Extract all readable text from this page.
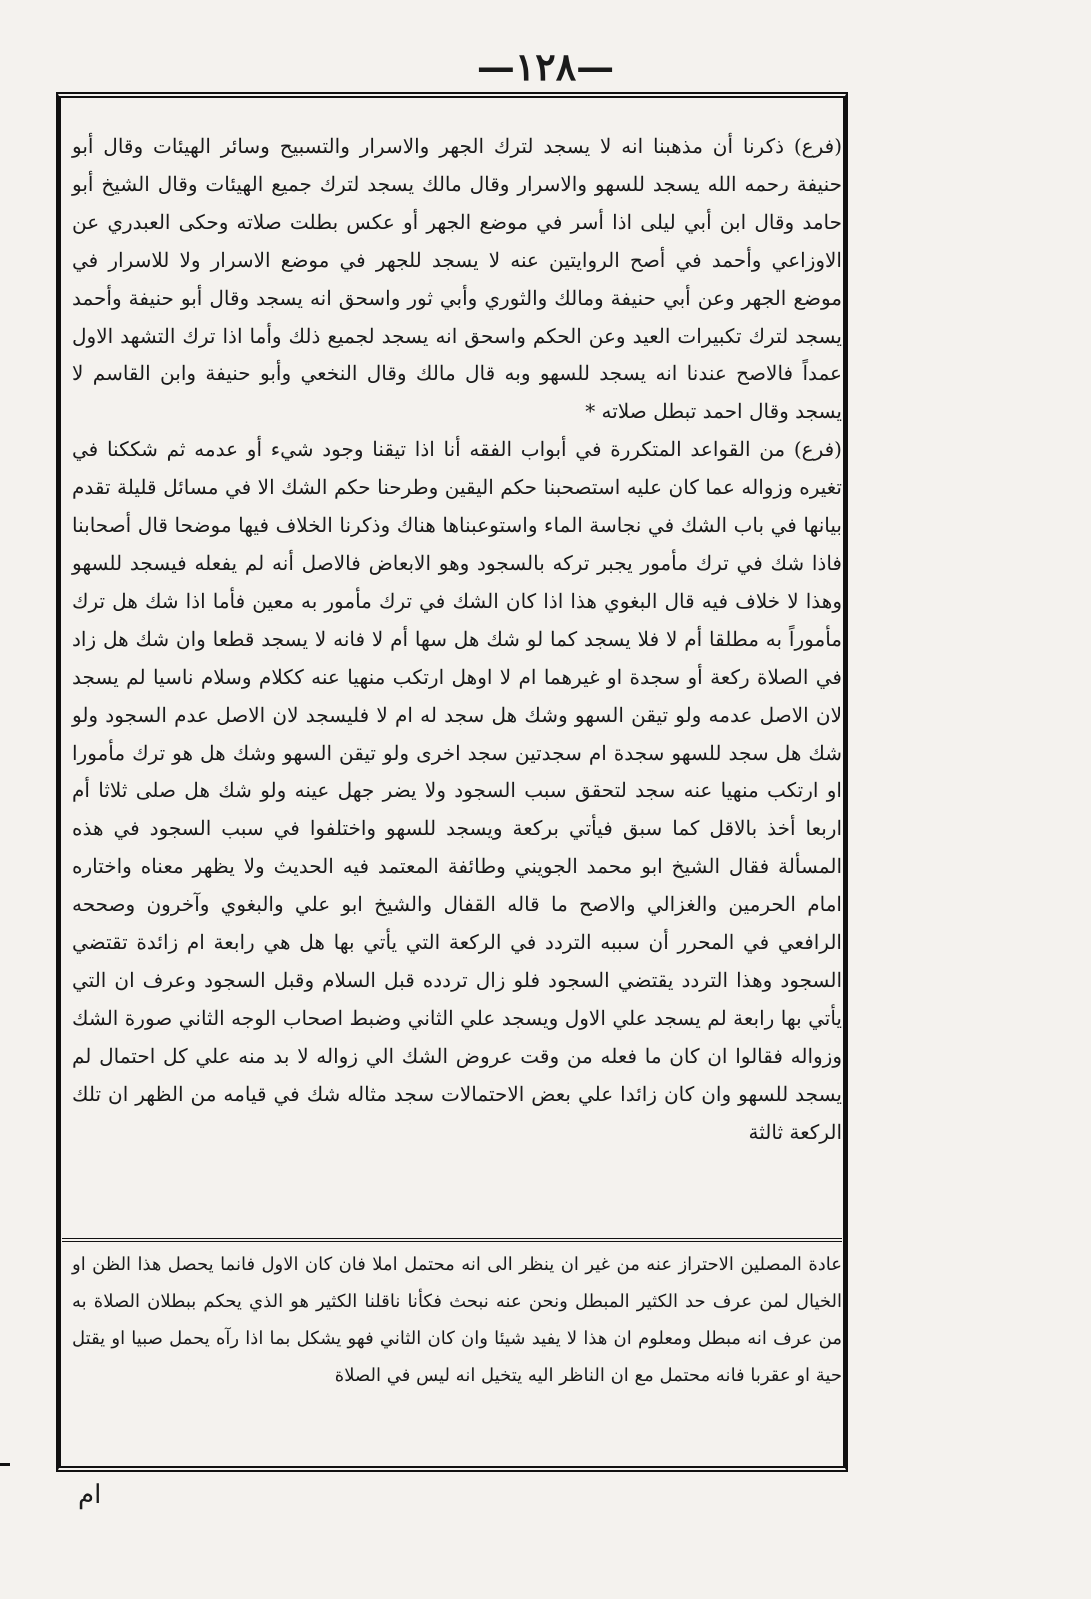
—١٢٨—

(فرع) ذكرنا أن مذهبنا انه لا يسجد لترك الجهر والاسرار والتسبيح وسائر الهيئات وقال أبو حنيفة رحمه الله يسجد للسهو والاسرار وقال مالك يسجد لترك جميع الهيئات وقال الشيخ أبو حامد وقال ابن أبي ليلى اذا أسر في موضع الجهر أو عكس بطلت صلاته وحكى العبدري عن الاوزاعي وأحمد في أصح الروايتين عنه لا يسجد للجهر في موضع الاسرار ولا للاسرار في موضع الجهر وعن أبي حنيفة ومالك والثوري وأبي ثور واسحق انه يسجد وقال أبو حنيفة وأحمد يسجد لترك تكبيرات العيد وعن الحكم واسحق انه يسجد لجميع ذلك وأما اذا ترك التشهد الاول عمداً فالاصح عندنا انه يسجد للسهو وبه قال مالك وقال النخعي وأبو حنيفة وابن القاسم لا يسجد وقال احمد تبطل صلاته *

(فرع) من القواعد المتكررة في أبواب الفقه أنا اذا تيقنا وجود شيء أو عدمه ثم شككنا في تغيره وزواله عما كان عليه استصحبنا حكم اليقين وطرحنا حكم الشك الا في مسائل قليلة تقدم بيانها في باب الشك في نجاسة الماء واستوعبناها هناك وذكرنا الخلاف فيها موضحا قال أصحابنا فاذا شك في ترك مأمور يجبر تركه بالسجود وهو الابعاض فالاصل أنه لم يفعله فيسجد للسهو وهذا لا خلاف فيه قال البغوي هذا اذا كان الشك في ترك مأمور به معين فأما اذا شك هل ترك مأموراً به مطلقا أم لا فلا يسجد كما لو شك هل سها أم لا فانه لا يسجد قطعا وان شك هل زاد في الصلاة ركعة أو سجدة او غيرهما ام لا اوهل ارتكب منهيا عنه ككلام وسلام ناسيا لم يسجد لان الاصل عدمه ولو تيقن السهو وشك هل سجد له ام لا فليسجد لان الاصل عدم السجود ولو شك هل سجد للسهو سجدة ام سجدتين سجد اخرى ولو تيقن السهو وشك هل هو ترك مأمورا او ارتكب منهيا عنه سجد لتحقق سبب السجود ولا يضر جهل عينه ولو شك هل صلى ثلاثا أم اربعا أخذ بالاقل كما سبق فيأتي بركعة ويسجد للسهو واختلفوا في سبب السجود في هذه المسألة فقال الشيخ ابو محمد الجويني وطائفة المعتمد فيه الحديث ولا يظهر معناه واختاره امام الحرمين والغزالي والاصح ما قاله القفال والشيخ ابو علي والبغوي وآخرون وصححه الرافعي في المحرر أن سببه التردد في الركعة التي يأتي بها هل هي رابعة ام زائدة تقتضي السجود وهذا التردد يقتضي السجود فلو زال تردده قبل السلام وقبل السجود وعرف ان التي يأتي بها رابعة لم يسجد علي الاول ويسجد علي الثاني وضبط اصحاب الوجه الثاني صورة الشك وزواله فقالوا ان كان ما فعله من وقت عروض الشك الي زواله لا بد منه علي كل احتمال لم يسجد للسهو وان كان زائدا علي بعض الاحتمالات سجد مثاله شك في قيامه من الظهر ان تلك الركعة ثالثة

عادة المصلين الاحتراز عنه من غير ان ينظر الى انه محتمل املا فان كان الاول فانما يحصل هذا الظن او الخيال لمن عرف حد الكثير المبطل ونحن عنه نبحث فكأنا ناقلنا الكثير هو الذي يحكم ببطلان الصلاة به من عرف انه مبطل ومعلوم ان هذا لا يفيد شيئا وان كان الثاني فهو يشكل بما اذا رآه يحمل صبيا او يقتل حية او عقربا فانه محتمل مع ان الناظر اليه يتخيل انه ليس في الصلاة

ام
